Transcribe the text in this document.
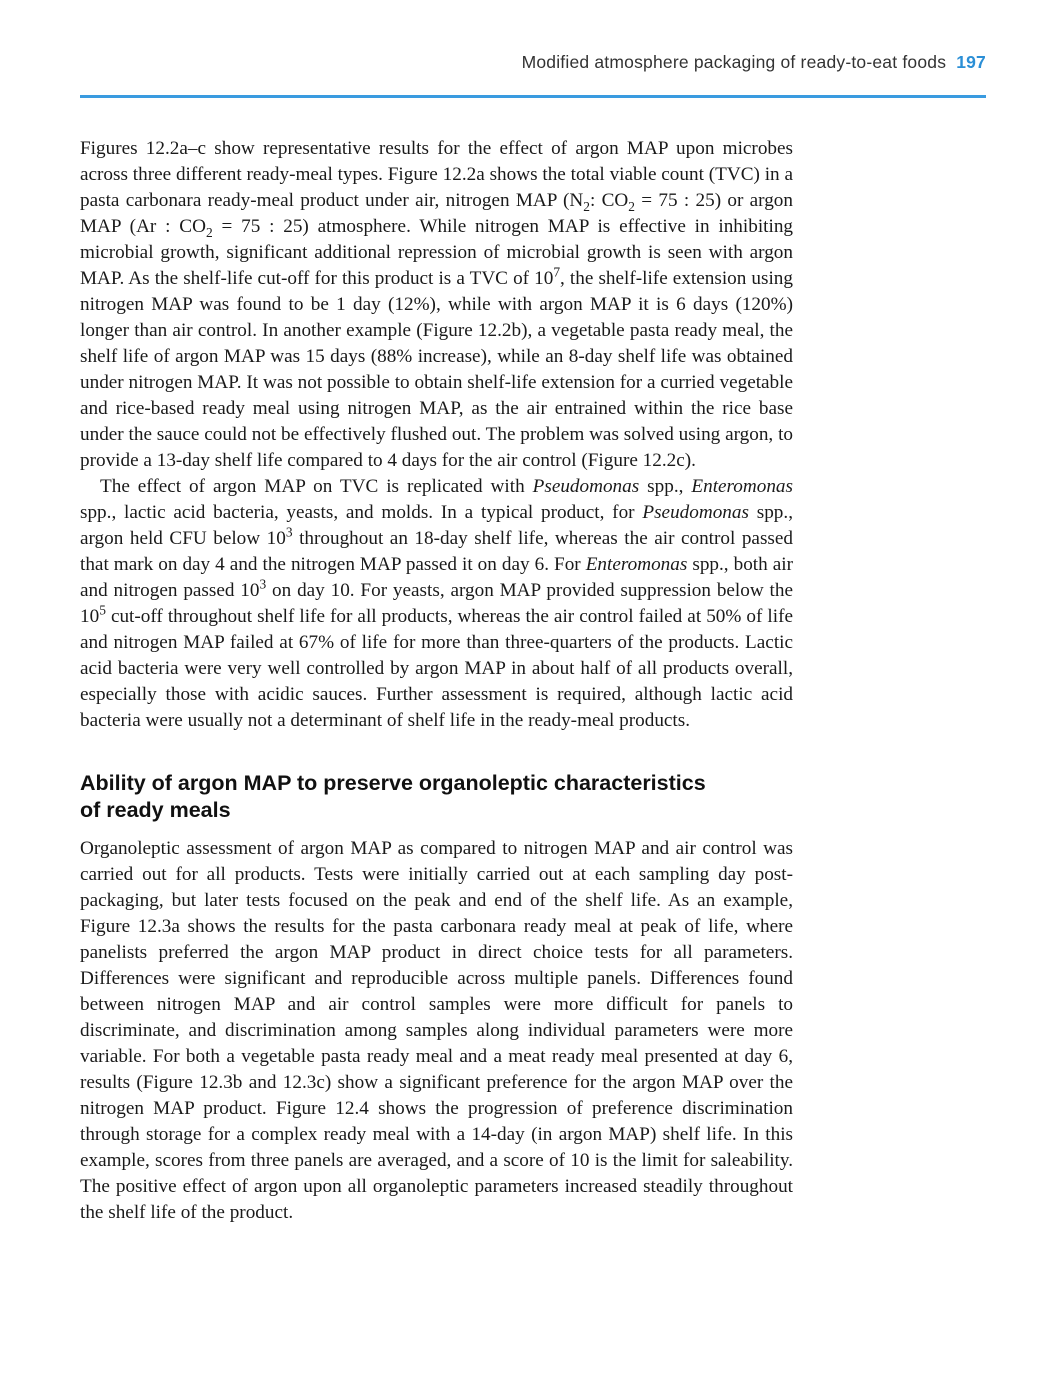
Modified atmosphere packaging of ready-to-eat foods 197

Figures 12.2a–c show representative results for the effect of argon MAP upon microbes across three different ready-meal types. Figure 12.2a shows the total viable count (TVC) in a pasta carbonara ready-meal product under air, nitrogen MAP ($N_2$: $CO_2 = 75$ : 25) or argon MAP (Ar : $CO_2 = 75$ : 25) atmosphere. While nitrogen MAP is effective in inhibiting microbial growth, significant additional repression of microbial growth is seen with argon MAP. As the shelf-life cut-off for this product is a TVC of $10^7$, the shelf-life extension using nitrogen MAP was found to be 1 day (12%), while with argon MAP it is 6 days (120%) longer than air control. In another example (Figure 12.2b), a vegetable pasta ready meal, the shelf life of argon MAP was 15 days (88% increase), while an 8-day shelf life was obtained under nitrogen MAP. It was not possible to obtain shelf-life extension for a curried vegetable and rice-based ready meal using nitrogen MAP, as the air entrained within the rice base under the sauce could not be effectively flushed out. The problem was solved using argon, to provide a 13-day shelf life compared to 4 days for the air control (Figure 12.2c).

The effect of argon MAP on TVC is replicated with Pseudomonas spp., Enteromonas spp., lactic acid bacteria, yeasts, and molds. In a typical product, for Pseudomonas spp., argon held CFU below $10^3$ throughout an 18-day shelf life, whereas the air control passed that mark on day 4 and the nitrogen MAP passed it on day 6. For Enteromonas spp., both air and nitrogen passed $10^3$ on day 10. For yeasts, argon MAP provided suppression below the $10^5$ cut-off throughout shelf life for all products, whereas the air control failed at 50% of life and nitrogen MAP failed at 67% of life for more than three-quarters of the products. Lactic acid bacteria were very well controlled by argon MAP in about half of all products overall, especially those with acidic sauces. Further assessment is required, although lactic acid bacteria were usually not a determinant of shelf life in the ready-meal products.

Ability of argon MAP to preserve organoleptic characteristics
of ready meals

Organoleptic assessment of argon MAP as compared to nitrogen MAP and air control was carried out for all products. Tests were initially carried out at each sampling day post-packaging, but later tests focused on the peak and end of the shelf life. As an example, Figure 12.3a shows the results for the pasta carbonara ready meal at peak of life, where panelists preferred the argon MAP product in direct choice tests for all parameters. Differences were significant and reproducible across multiple panels. Differences found between nitrogen MAP and air control samples were more difficult for panels to discriminate, and discrimination among samples along individual parameters were more variable. For both a vegetable pasta ready meal and a meat ready meal presented at day 6, results (Figure 12.3b and 12.3c) show a significant preference for the argon MAP over the nitrogen MAP product. Figure 12.4 shows the progression of preference discrimination through storage for a complex ready meal with a 14-day (in argon MAP) shelf life. In this example, scores from three panels are averaged, and a score of 10 is the limit for saleability. The positive effect of argon upon all organoleptic parameters increased steadily throughout the shelf life of the product.
